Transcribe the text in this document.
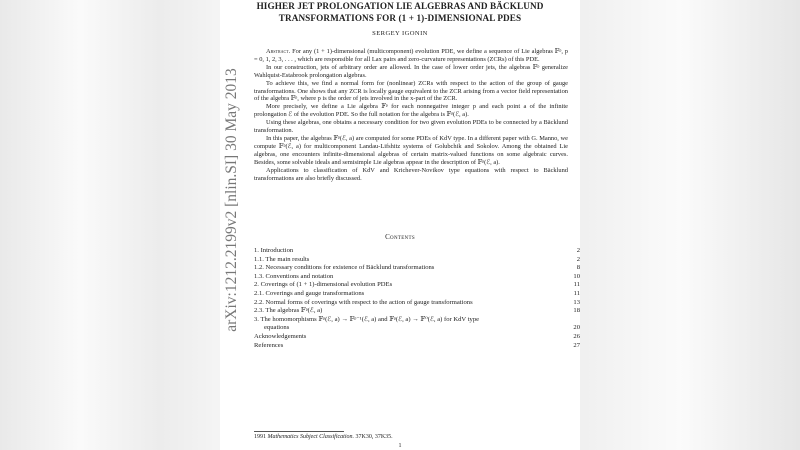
HIGHER JET PROLONGATION LIE ALGEBRAS AND BÄCKLUND
TRANSFORMATIONS FOR (1 + 1)-DIMENSIONAL PDES
SERGEY IGONIN

Abstract. For any (1 + 1)-dimensional (multicomponent) evolution PDE, we define a sequence of Lie algebras 𝔽ᵖ, p = 0, 1, 2, 3, . . . , which are responsible for all Lax pairs and zero-curvature representations (ZCRs) of this PDE.

In our construction, jets of arbitrary order are allowed. In the case of lower order jets, the algebras 𝔽ᵖ generalize Wahlquist-Estabrook prolongation algebras.

To achieve this, we find a normal form for (nonlinear) ZCRs with respect to the action of the group of gauge transformations. One shows that any ZCR is locally gauge equivalent to the ZCR arising from a vector field representation of the algebra 𝔽ᵖ, where p is the order of jets involved in the x-part of the ZCR.

More precisely, we define a Lie algebra 𝔽ᵖ for each nonnegative integer p and each point a of the infinite prolongation ℰ of the evolution PDE. So the full notation for the algebra is 𝔽ᵖ(ℰ, a).

Using these algebras, one obtains a necessary condition for two given evolution PDEs to be connected by a Bäcklund transformation.

In this paper, the algebras 𝔽ᵖ(ℰ, a) are computed for some PDEs of KdV type. In a different paper with G. Manno, we compute 𝔽ᵖ(ℰ, a) for multicomponent Landau-Lifshitz systems of Golubchik and Sokolov. Among the obtained Lie algebras, one encounters infinite-dimensional algebras of certain matrix-valued functions on some algebraic curves. Besides, some solvable ideals and semisimple Lie algebras appear in the description of 𝔽ᵖ(ℰ, a).

Applications to classification of KdV and Krichever-Novikov type equations with respect to Bäcklund transformations are also briefly discussed.

Contents
1. Introduction	2
1.1. The main results	2
1.2. Necessary conditions for existence of Bäcklund transformations	8
1.3. Conventions and notation	10
2. Coverings of (1 + 1)-dimensional evolution PDEs	11
2.1. Coverings and gauge transformations	11
2.2. Normal forms of coverings with respect to the action of gauge transformations	13
2.3. The algebras 𝔽ᵖ(ℰ, a)	18
3. The homomorphisms 𝔽ᵖ(ℰ, a) → 𝔽ᵖ⁻¹(ℰ, a) and 𝔽ᵖ(ℰ, a) → 𝔽⁰(ℰ, a) for KdV type
equations	20
Acknowledgements	26
References	27
1991 Mathematics Subject Classification. 37K30, 37K35.
1
arXiv:1212.2199v2 [nlin.SI] 30 May 2013
